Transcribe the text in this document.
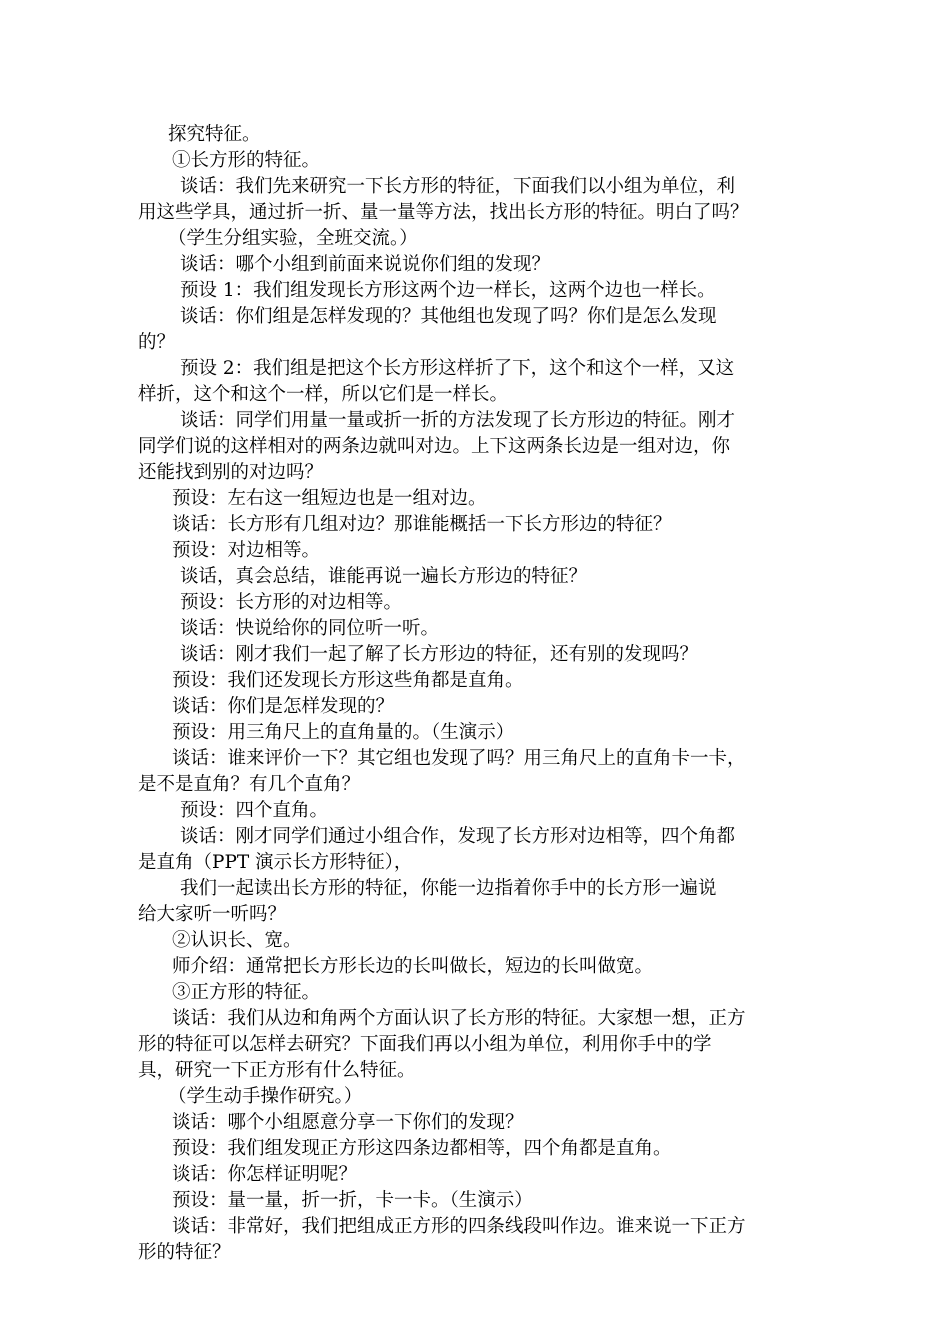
探究特征。
①长方形的特征。
谈话：我们先来研究一下长方形的特征，下面我们以小组为单位，利
用这些学具，通过折一折、量一量等方法，找出长方形的特征。明白了吗？
（学生分组实验，全班交流。）
谈话：哪个小组到前面来说说你们组的发现？
预设 1：我们组发现长方形这两个边一样长，这两个边也一样长。
谈话：你们组是怎样发现的？其他组也发现了吗？你们是怎么发现
的？
预设 2：我们组是把这个长方形这样折了下，这个和这个一样，又这
样折，这个和这个一样，所以它们是一样长。
谈话：同学们用量一量或折一折的方法发现了长方形边的特征。刚才
同学们说的这样相对的两条边就叫对边。上下这两条长边是一组对边，你
还能找到别的对边吗？
预设：左右这一组短边也是一组对边。
谈话：长方形有几组对边？那谁能概括一下长方形边的特征？
预设：对边相等。
谈话，真会总结，谁能再说一遍长方形边的特征？
预设：长方形的对边相等。
谈话：快说给你的同位听一听。
谈话：刚才我们一起了解了长方形边的特征，还有别的发现吗？
预设：我们还发现长方形这些角都是直角。
谈话：你们是怎样发现的？
预设：用三角尺上的直角量的。（生演示）
谈话：谁来评价一下？其它组也发现了吗？用三角尺上的直角卡一卡，
是不是直角？有几个直角？
预设：四个直角。
谈话：刚才同学们通过小组合作，发现了长方形对边相等，四个角都
是直角（PPT 演示长方形特征），
我们一起读出长方形的特征，你能一边指着你手中的长方形一遍说
给大家听一听吗？
②认识长、宽。
师介绍：通常把长方形长边的长叫做长，短边的长叫做宽。
③正方形的特征。
谈话：我们从边和角两个方面认识了长方形的特征。大家想一想，正方
形的特征可以怎样去研究？下面我们再以小组为单位，利用你手中的学
具，研究一下正方形有什么特征。
（学生动手操作研究。）
谈话：哪个小组愿意分享一下你们的发现？
预设：我们组发现正方形这四条边都相等，四个角都是直角。
谈话：你怎样证明呢？
预设：量一量，折一折，卡一卡。（生演示）
谈话：非常好，我们把组成正方形的四条线段叫作边。谁来说一下正方
形的特征？
